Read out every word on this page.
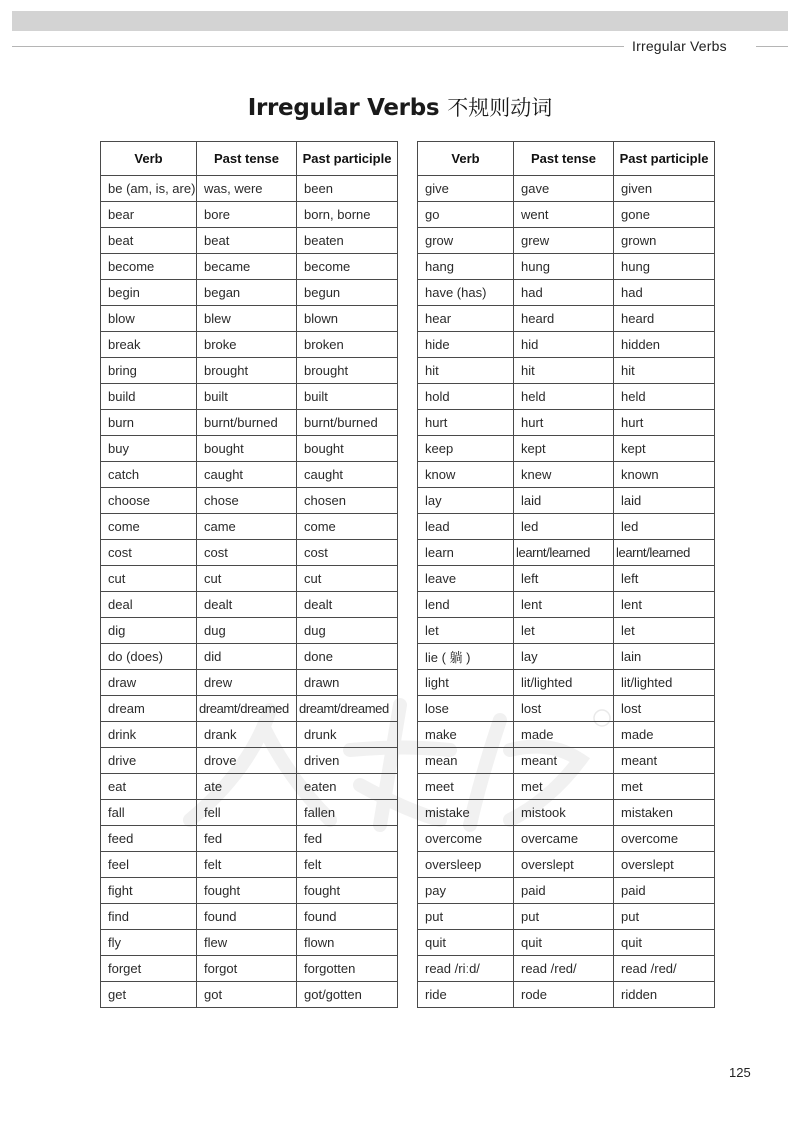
Irregular Verbs
Irregular Verbs 不规则动词
Verb	Past tense	Past participle
be (am, is, are)	was, were	been
bear	bore	born, borne
beat	beat	beaten
become	became	become
begin	began	begun
blow	blew	blown
break	broke	broken
bring	brought	brought
build	built	built
burn	burnt/burned	burnt/burned
buy	bought	bought
catch	caught	caught
choose	chose	chosen
come	came	come
cost	cost	cost
cut	cut	cut
deal	dealt	dealt
dig	dug	dug
do (does)	did	done
draw	drew	drawn
dream	dreamt/dreamed	dreamt/dreamed
drink	drank	drunk
drive	drove	driven
eat	ate	eaten
fall	fell	fallen
feed	fed	fed
feel	felt	felt
fight	fought	fought
find	found	found
fly	flew	flown
forget	forgot	forgotten
get	got	got/gotten
Verb	Past tense	Past participle
give	gave	given
go	went	gone
grow	grew	grown
hang	hung	hung
have (has)	had	had
hear	heard	heard
hide	hid	hidden
hit	hit	hit
hold	held	held
hurt	hurt	hurt
keep	kept	kept
know	knew	known
lay	laid	laid
lead	led	led
learn	learnt/learned	learnt/learned
leave	left	left
lend	lent	lent
let	let	let
lie ( 躺 )	lay	lain
light	lit/lighted	lit/lighted
lose	lost	lost
make	made	made
mean	meant	meant
meet	met	met
mistake	mistook	mistaken
overcome	overcame	overcome
oversleep	overslept	overslept
pay	paid	paid
put	put	put
quit	quit	quit
read /riːd/	read /red/	read /red/
ride	rode	ridden
125
